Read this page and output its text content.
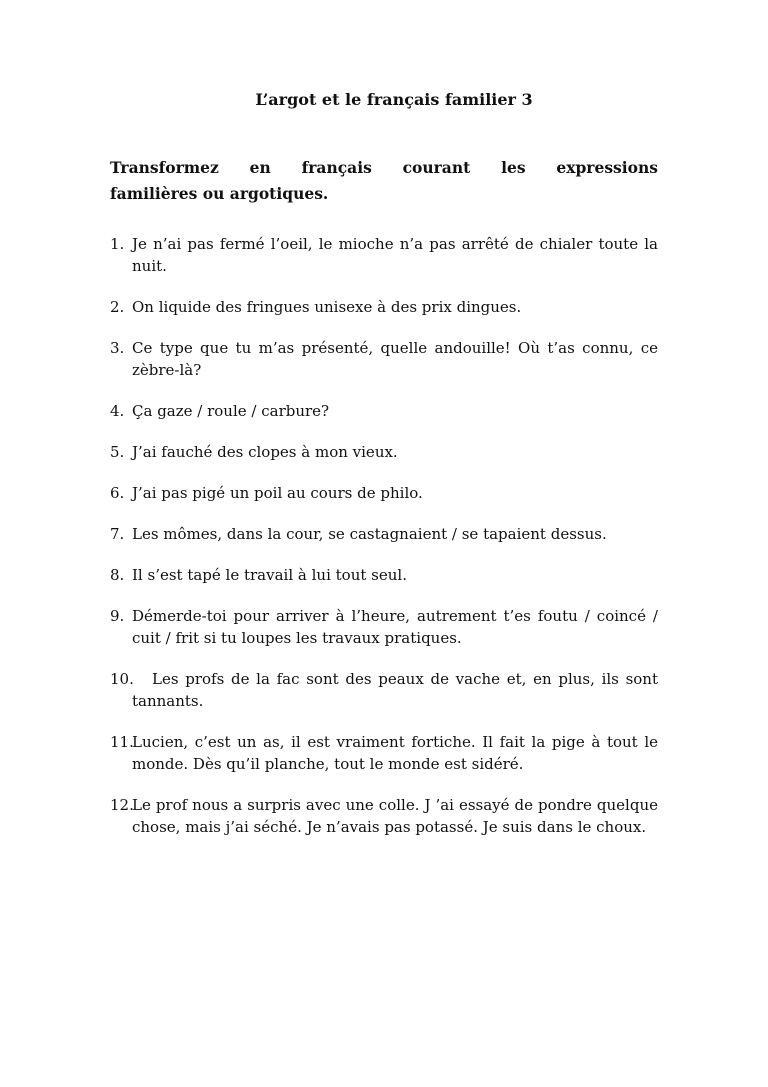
L’argot et le français familier 3

Transformez en français courant les expressions
familières ou argotiques.

1. Je n’ai pas fermé l’oeil, le mioche n’a pas arrêté de chialer toute la nuit.
2. On liquide des fringues unisexe à des prix dingues.
3. Ce type que tu m’as présenté, quelle andouille! Où t’as connu, ce zèbre-là?
4. Ça gaze / roule / carbure?
5. J’ai fauché des clopes à mon vieux.
6. J’ai pas pigé un poil au cours de philo.
7. Les mômes, dans la cour, se castagnaient / se tapaient dessus.
8. Il s’est tapé le travail à lui tout seul.
9. Démerde-toi pour arriver à l’heure, autrement t’es foutu / coincé / cuit / frit si tu loupes les travaux pratiques.
10.	Les profs de la fac sont des peaux de vache et, en plus, ils sont tannants.
11.
Lucien, c’est un as, il est vraiment fortiche. Il fait la pige à tout le monde. Dès qu’il planche, tout le monde est sidéré.
12.
Le prof nous a surpris avec une colle. J ’ai essayé de pondre quelque chose, mais j’ai séché. Je n’avais pas potassé. Je suis dans le choux.
